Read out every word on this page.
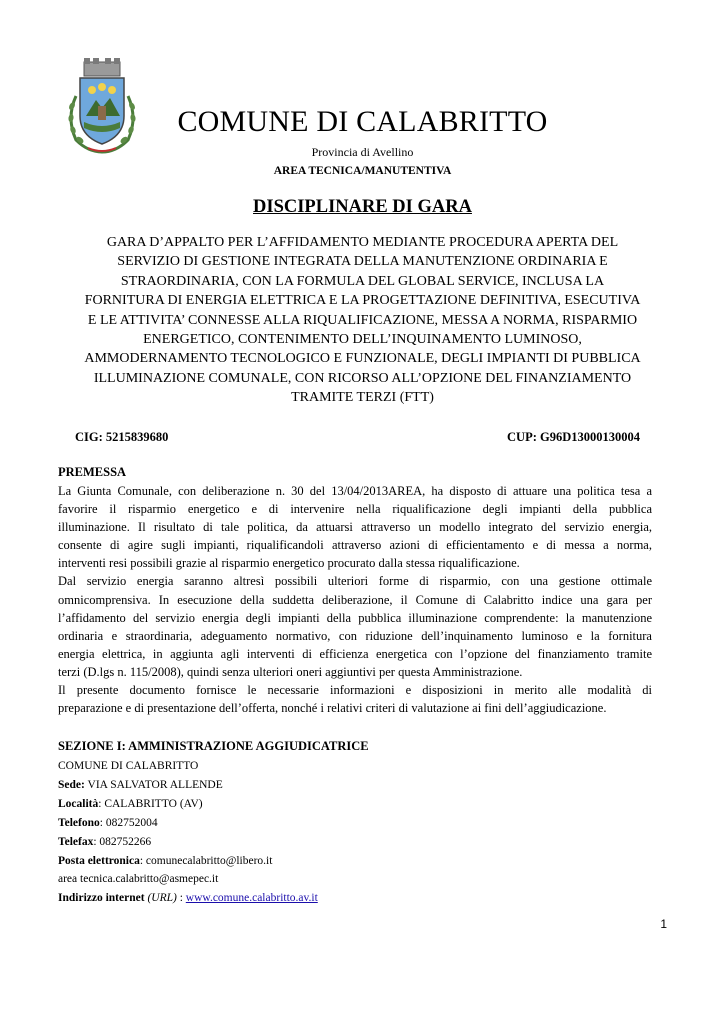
COMUNE DI CALABRITTO
Provincia di Avellino
AREA TECNICA/MANUTENTIVA
DISCIPLINARE DI GARA
GARA D’APPALTO PER L’AFFIDAMENTO MEDIANTE PROCEDURA APERTA DEL
SERVIZIO DI GESTIONE INTEGRATA DELLA MANUTENZIONE ORDINARIA E
STRAORDINARIA, CON LA FORMULA DEL GLOBAL SERVICE, INCLUSA LA
FORNITURA DI ENERGIA ELETTRICA E LA PROGETTAZIONE DEFINITIVA, ESECUTIVA
E LE ATTIVITA’ CONNESSE ALLA RIQUALIFICAZIONE, MESSA A NORMA, RISPARMIO
ENERGETICO, CONTENIMENTO DELL’INQUINAMENTO LUMINOSO,
AMMODERNAMENTO TECNOLOGICO E FUNZIONALE, DEGLI IMPIANTI DI PUBBLICA
ILLUMINAZIONE COMUNALE, CON RICORSO ALL’OPZIONE DEL FINANZIAMENTO
TRAMITE TERZI (FTT)
CIG: 5215839680	CUP: G96D13000130004
PREMESSA
La Giunta Comunale, con deliberazione n. 30 del 13/04/2013AREA, ha disposto di attuare una politica tesa a
favorire il risparmio energetico e di intervenire nella riqualificazione degli impianti della pubblica
illuminazione. Il risultato di tale politica, da attuarsi attraverso un modello integrato del servizio energia,
consente di agire sugli impianti, riqualificandoli attraverso azioni di efficientamento e di messa a norma,
interventi resi possibili grazie al risparmio energetico procurato dalla stessa riqualificazione.
Dal servizio energia saranno altresì possibili ulteriori forme di risparmio, con una gestione ottimale
omnicomprensiva. In esecuzione della suddetta deliberazione, il Comune di Calabritto indice una gara per
l’affidamento del servizio energia degli impianti della pubblica illuminazione comprendente: la manutenzione
ordinaria e straordinaria, adeguamento normativo, con riduzione dell’inquinamento luminoso e la fornitura
energia elettrica, in aggiunta agli interventi di efficienza energetica con l’opzione del finanziamento tramite
terzi (D.lgs n. 115/2008), quindi senza ulteriori oneri aggiuntivi per questa Amministrazione.
Il presente documento fornisce le necessarie informazioni e disposizioni in merito alle modalità di
preparazione e di presentazione dell’offerta, nonché i relativi criteri di valutazione ai fini dell’aggiudicazione.
SEZIONE I: AMMINISTRAZIONE AGGIUDICATRICE
COMUNE DI CALABRITTO
Sede: VIA SALVATOR ALLENDE
Località: CALABRITTO (AV)
Telefono: 082752004
Telefax: 082752266
Posta elettronica: comunecalabritto@libero.it
area tecnica.calabritto@asmepec.it
Indirizzo internet (URL) : www.comune.calabritto.av.it
1
